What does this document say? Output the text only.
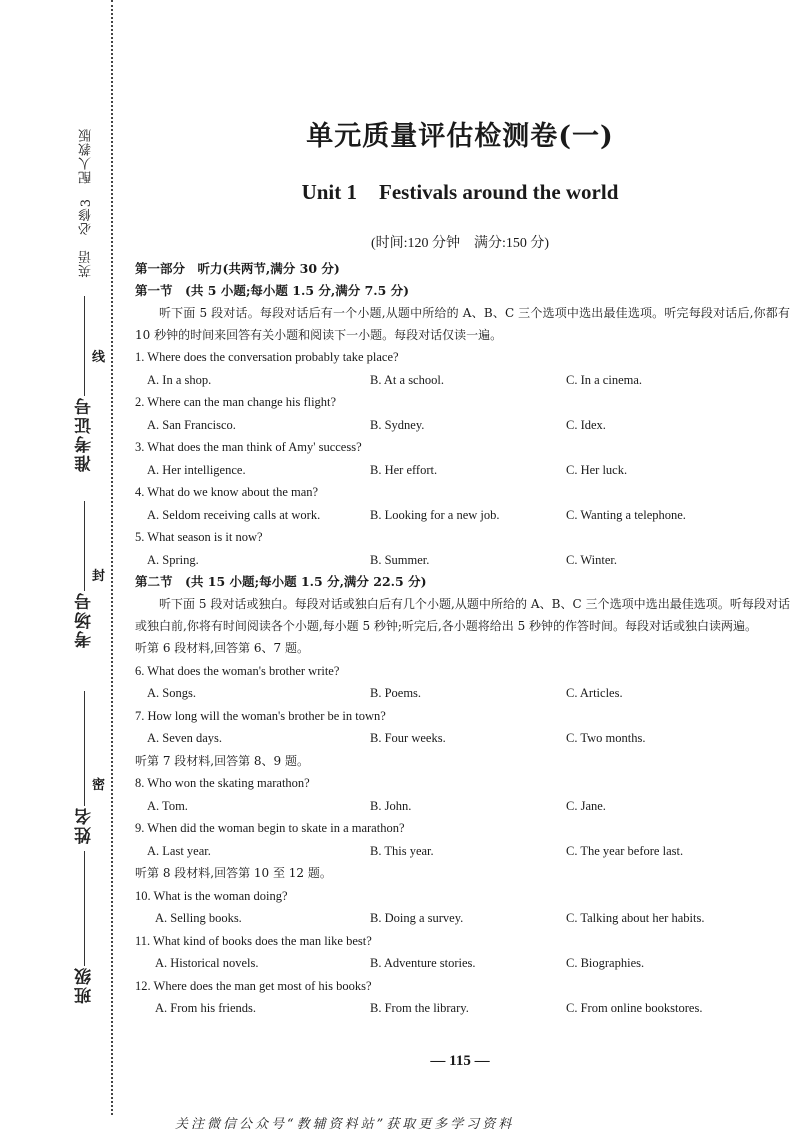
英语　必修3　配人教版
准考证号
考场号
姓名
班级
线
封
密
单元质量评估检测卷(一)
Unit 1 Festivals around the world
(时间:120 分钟　满分:150 分)
第一部分　听力(共两节,满分 30 分)
第一节　(共 5 小题;每小题 1.5 分,满分 7.5 分)
听下面 5 段对话。每段对话后有一个小题,从题中所给的 A、B、C 三个选项中选出最佳选项。听完每段对话后,你都有 10 秒钟的时间来回答有关小题和阅读下一小题。每段对话仅读一遍。
1. Where does the conversation probably take place?
A. In a shop.	B. At a school.	C. In a cinema.
2. Where can the man change his flight?
A. San Francisco.	B. Sydney.	C. Idex.
3. What does the man think of Amy' success?
A. Her intelligence.	B. Her effort.	C. Her luck.
4. What do we know about the man?
A. Seldom receiving calls at work.	B. Looking for a new job.	C. Wanting a telephone.
5. What season is it now?
A. Spring.	B. Summer.	C. Winter.
第二节　(共 15 小题;每小题 1.5 分,满分 22.5 分)
听下面 5 段对话或独白。每段对话或独白后有几个小题,从题中所给的 A、B、C 三个选项中选出最佳选项。听每段对话或独白前,你将有时间阅读各个小题,每小题 5 秒钟;听完后,各小题将给出 5 秒钟的作答时间。每段对话或独白读两遍。
听第 6 段材料,回答第 6、7 题。
6. What does the woman's brother write?
A. Songs.	B. Poems.	C. Articles.
7. How long will the woman's brother be in town?
A. Seven days.	B. Four weeks.	C. Two months.
听第 7 段材料,回答第 8、9 题。
8. Who won the skating marathon?
A. Tom.	B. John.	C. Jane.
9. When did the woman begin to skate in a marathon?
A. Last year.	B. This year.	C. The year before last.
听第 8 段材料,回答第 10 至 12 题。
10. What is the woman doing?
A. Selling books.	B. Doing a survey.	C. Talking about her habits.
11. What kind of books does the man like best?
A. Historical novels.	B. Adventure stories.	C. Biographies.
12. Where does the man get most of his books?
A. From his friends.	B. From the library.	C. From online bookstores.
— 115 —
关注微信公众号“教辅资料站”获取更多学习资料
